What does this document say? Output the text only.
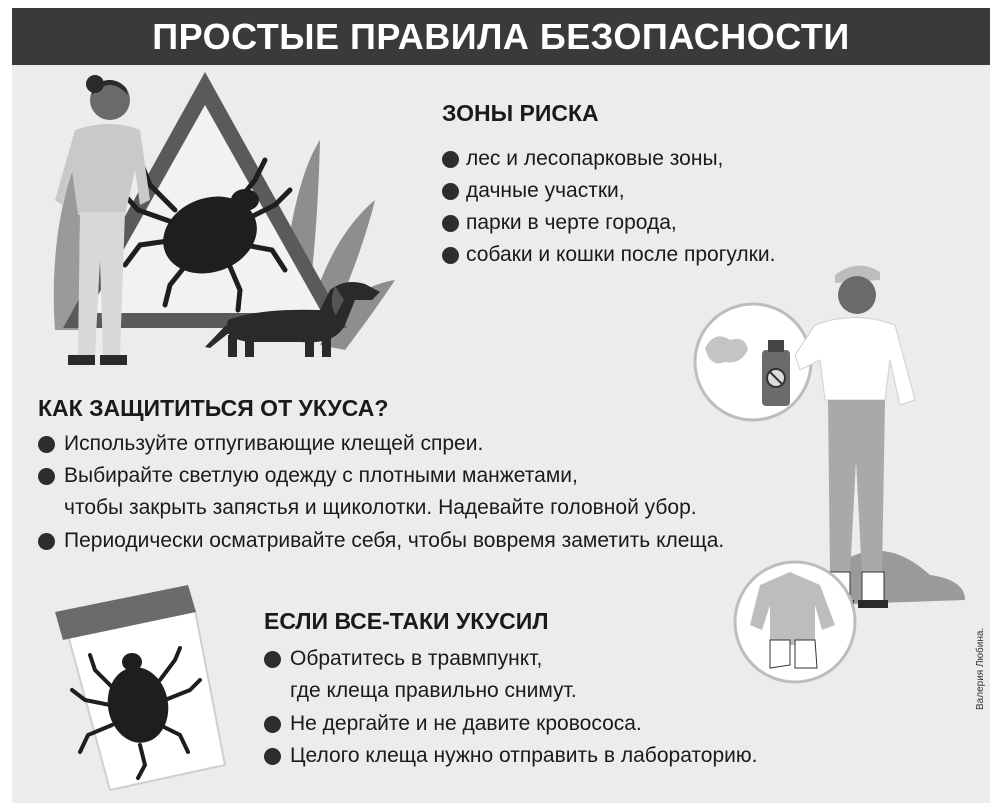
ПРОСТЫЕ ПРАВИЛА БЕЗОПАСНОСТИ
ЗОНЫ РИСКА
лес и лесопарковые зоны,
дачные участки,
парки в черте города,
собаки и кошки после прогулки.
КАК ЗАЩИТИТЬСЯ ОТ УКУСА?
Используйте отпугивающие клещей спреи.
Выбирайте светлую одежду с плотными манжетами,
чтобы закрыть запястья и щиколотки. Надевайте головной убор.
Периодически осматривайте себя, чтобы вовремя заметить клеща.
ЕСЛИ ВСЕ-ТАКИ УКУСИЛ
Обратитесь в травмпункт,
где клеща правильно снимут.
Не дергайте и не давите кровососа.
Целого клеща нужно отправить в лабораторию.
Валерия Любина.
